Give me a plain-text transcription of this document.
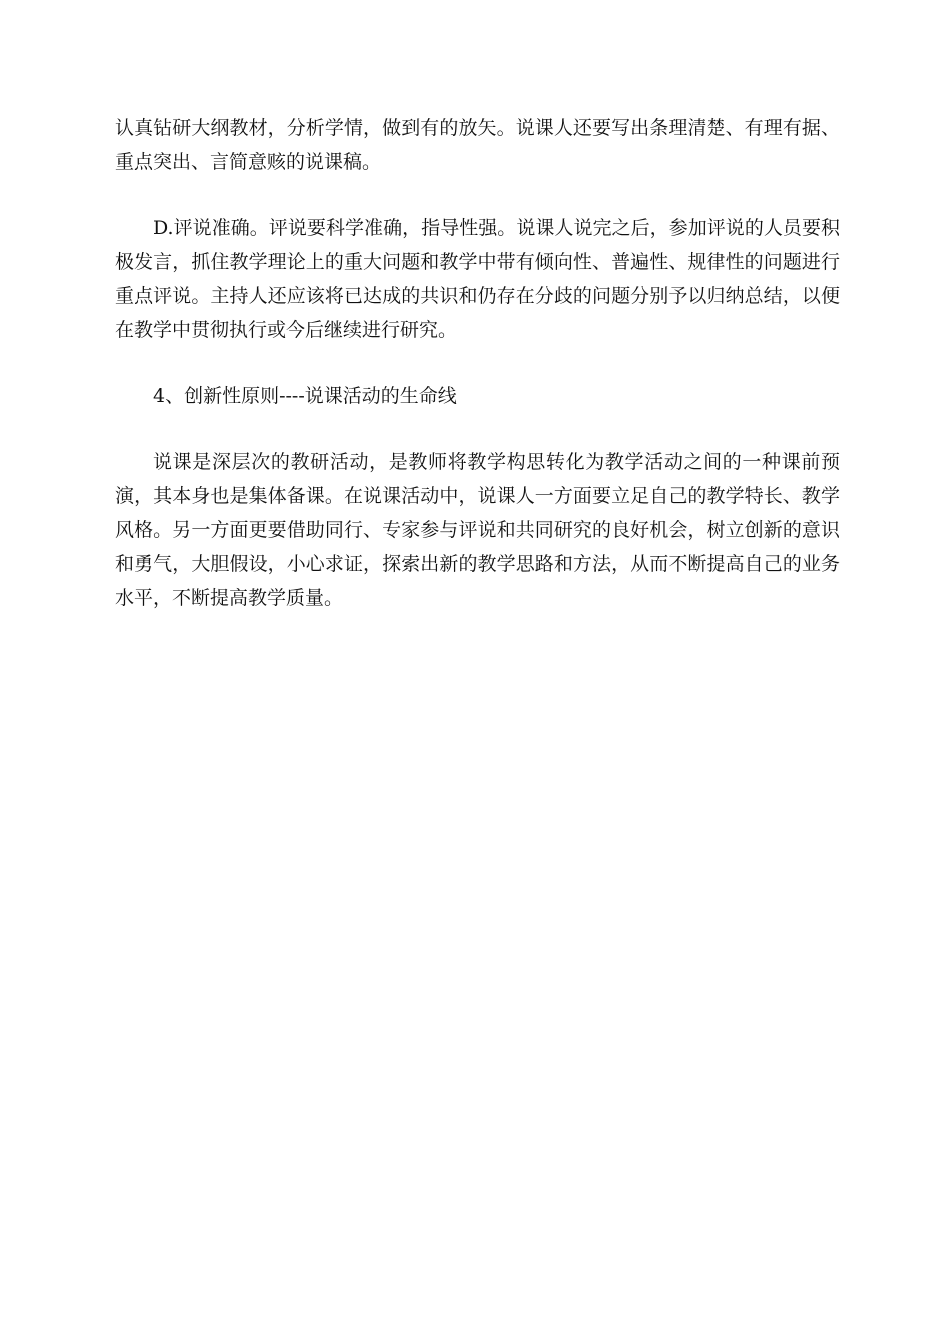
认真钻研大纲教材，分析学情，做到有的放矢。说课人还要写出条理清楚、有理有据、重点突出、言简意赅的说课稿。

D.评说准确。评说要科学准确，指导性强。说课人说完之后，参加评说的人员要积极发言，抓住教学理论上的重大问题和教学中带有倾向性、普遍性、规律性的问题进行重点评说。主持人还应该将已达成的共识和仍存在分歧的问题分别予以归纳总结，以便在教学中贯彻执行或今后继续进行研究。

4、创新性原则----说课活动的生命线

说课是深层次的教研活动，是教师将教学构思转化为教学活动之间的一种课前预演，其本身也是集体备课。在说课活动中，说课人一方面要立足自己的教学特长、教学风格。另一方面更要借助同行、专家参与评说和共同研究的良好机会，树立创新的意识和勇气，大胆假设，小心求证，探索出新的教学思路和方法，从而不断提高自己的业务水平，不断提高教学质量。
